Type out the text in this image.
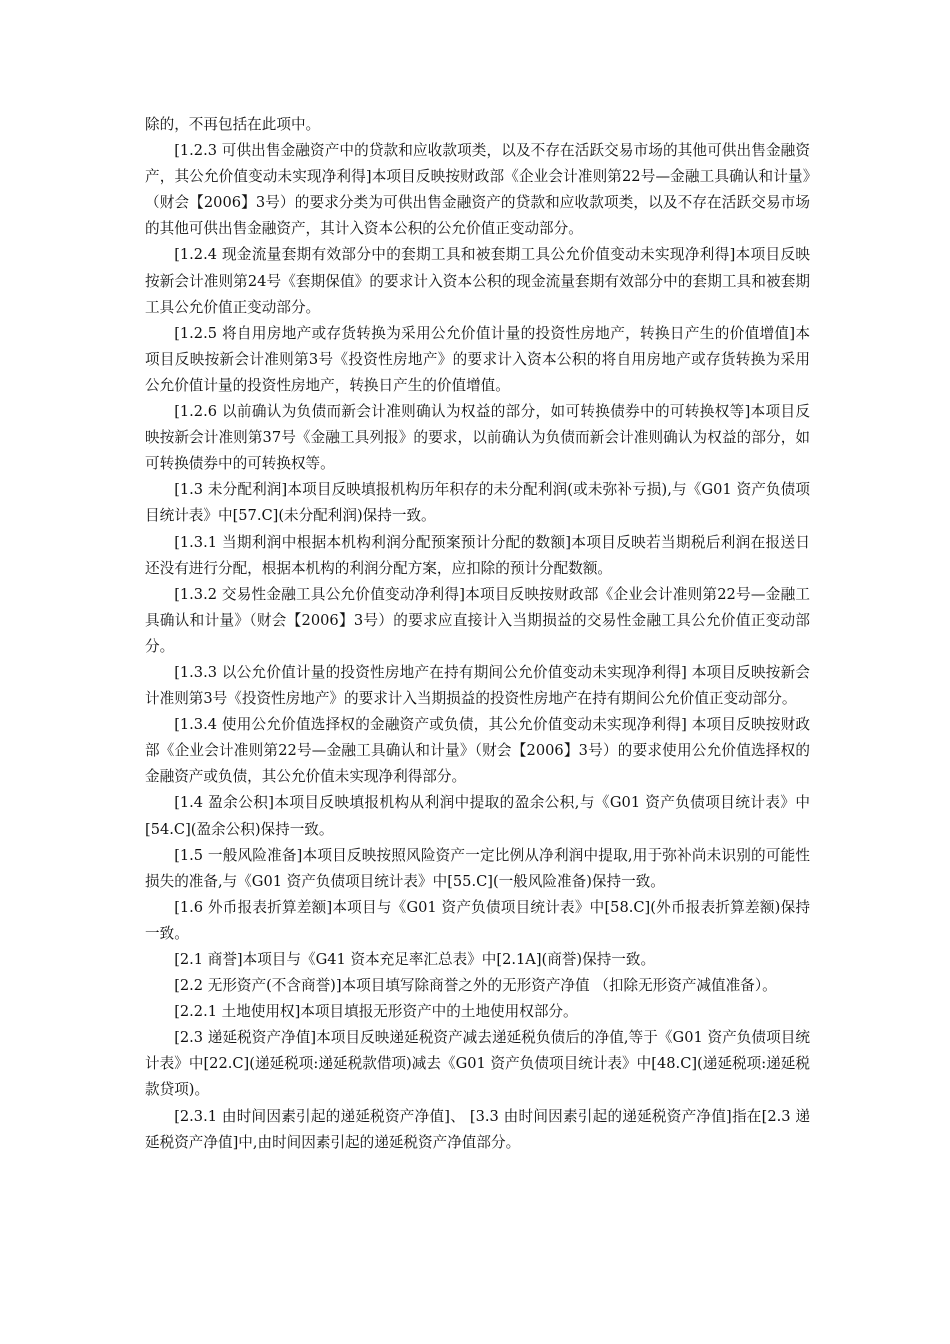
除的，不再包括在此项中。

[1.2.3 可供出售金融资产中的贷款和应收款项类，以及不存在活跃交易市场的其他可供出售金融资产，其公允价值变动未实现净利得]本项目反映按财政部《企业会计准则第22号—金融工具确认和计量》（财会【2006】3号）的要求分类为可供出售金融资产的贷款和应收款项类，以及不存在活跃交易市场的其他可供出售金融资产，其计入资本公积的公允价值正变动部分。

[1.2.4 现金流量套期有效部分中的套期工具和被套期工具公允价值变动未实现净利得]本项目反映按新会计准则第24号《套期保值》的要求计入资本公积的现金流量套期有效部分中的套期工具和被套期工具公允价值正变动部分。

[1.2.5 将自用房地产或存货转换为采用公允价值计量的投资性房地产，转换日产生的价值增值]本项目反映按新会计准则第3号《投资性房地产》的要求计入资本公积的将自用房地产或存货转换为采用公允价值计量的投资性房地产，转换日产生的价值增值。

[1.2.6 以前确认为负债而新会计准则确认为权益的部分，如可转换债券中的可转换权等]本项目反映按新会计准则第37号《金融工具列报》的要求，以前确认为负债而新会计准则确认为权益的部分，如可转换债券中的可转换权等。

[1.3 未分配利润]本项目反映填报机构历年积存的未分配利润(或未弥补亏损),与《G01 资产负债项目统计表》中[57.C](未分配利润)保持一致。

[1.3.1 当期利润中根据本机构利润分配预案预计分配的数额]本项目反映若当期税后利润在报送日还没有进行分配，根据本机构的利润分配方案，应扣除的预计分配数额。

[1.3.2 交易性金融工具公允价值变动净利得]本项目反映按财政部《企业会计准则第22号—金融工具确认和计量》（财会【2006】3号）的要求应直接计入当期损益的交易性金融工具公允价值正变动部分。

[1.3.3 以公允价值计量的投资性房地产在持有期间公允价值变动未实现净利得] 本项目反映按新会计准则第3号《投资性房地产》的要求计入当期损益的投资性房地产在持有期间公允价值正变动部分。

[1.3.4 使用公允价值选择权的金融资产或负债，其公允价值变动未实现净利得] 本项目反映按财政部《企业会计准则第22号—金融工具确认和计量》（财会【2006】3号）的要求使用公允价值选择权的金融资产或负债，其公允价值未实现净利得部分。

[1.4 盈余公积]本项目反映填报机构从利润中提取的盈余公积,与《G01 资产负债项目统计表》中[54.C](盈余公积)保持一致。

[1.5 一般风险准备]本项目反映按照风险资产一定比例从净利润中提取,用于弥补尚未识别的可能性损失的准备,与《G01 资产负债项目统计表》中[55.C](一般风险准备)保持一致。

[1.6 外币报表折算差额]本项目与《G01 资产负债项目统计表》中[58.C](外币报表折算差额)保持一致。

[2.1 商誉]本项目与《G41 资本充足率汇总表》中[2.1A](商誉)保持一致。

[2.2 无形资产(不含商誉)]本项目填写除商誉之外的无形资产净值 （扣除无形资产减值准备）。

[2.2.1 土地使用权]本项目填报无形资产中的土地使用权部分。

[2.3 递延税资产净值]本项目反映递延税资产减去递延税负债后的净值,等于《G01 资产负债项目统计表》中[22.C](递延税项:递延税款借项)减去《G01 资产负债项目统计表》中[48.C](递延税项:递延税款贷项)。

[2.3.1 由时间因素引起的递延税资产净值]、 [3.3 由时间因素引起的递延税资产净值]指在[2.3 递延税资产净值]中,由时间因素引起的递延税资产净值部分。
